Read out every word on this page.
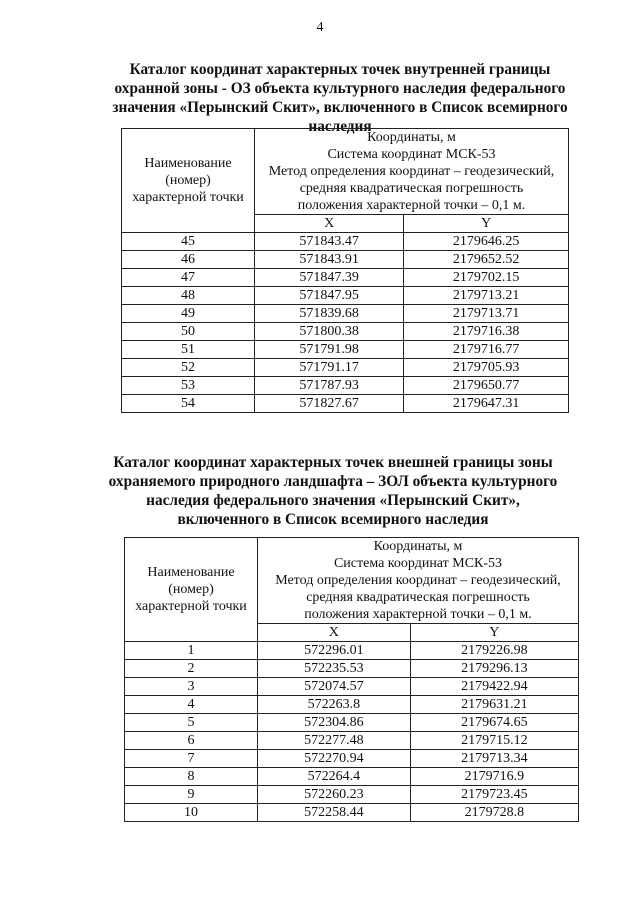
4
Каталог координат характерных точек внутренней границы охранной зоны - ОЗ объекта культурного наследия федерального значения «Перынский Скит», включенного в Список всемирного наследия
Наименование
(номер)
характерной точки	Координаты, м
Система координат МСК-53
Метод определения координат – геодезический,
средняя квадратическая погрешность
положения характерной точки – 0,1 м.	
	X	Y
45	571843.47	2179646.25
46	571843.91	2179652.52
47	571847.39	2179702.15
48	571847.95	2179713.21
49	571839.68	2179713.71
50	571800.38	2179716.38
51	571791.98	2179716.77
52	571791.17	2179705.93
53	571787.93	2179650.77
54	571827.67	2179647.31
Каталог координат характерных точек внешней границы зоны охраняемого природного ландшафта – ЗОЛ объекта культурного наследия федерального значения «Перынский Скит», включенного в Список всемирного наследия
Наименование
(номер)
характерной точки	Координаты, м
Система координат МСК-53
Метод определения координат – геодезический,
средняя квадратическая погрешность
положения характерной точки – 0,1 м.	
	X	Y
1	572296.01	2179226.98
2	572235.53	2179296.13
3	572074.57	2179422.94
4	572263.8	2179631.21
5	572304.86	2179674.65
6	572277.48	2179715.12
7	572270.94	2179713.34
8	572264.4	2179716.9
9	572260.23	2179723.45
10	572258.44	2179728.8
